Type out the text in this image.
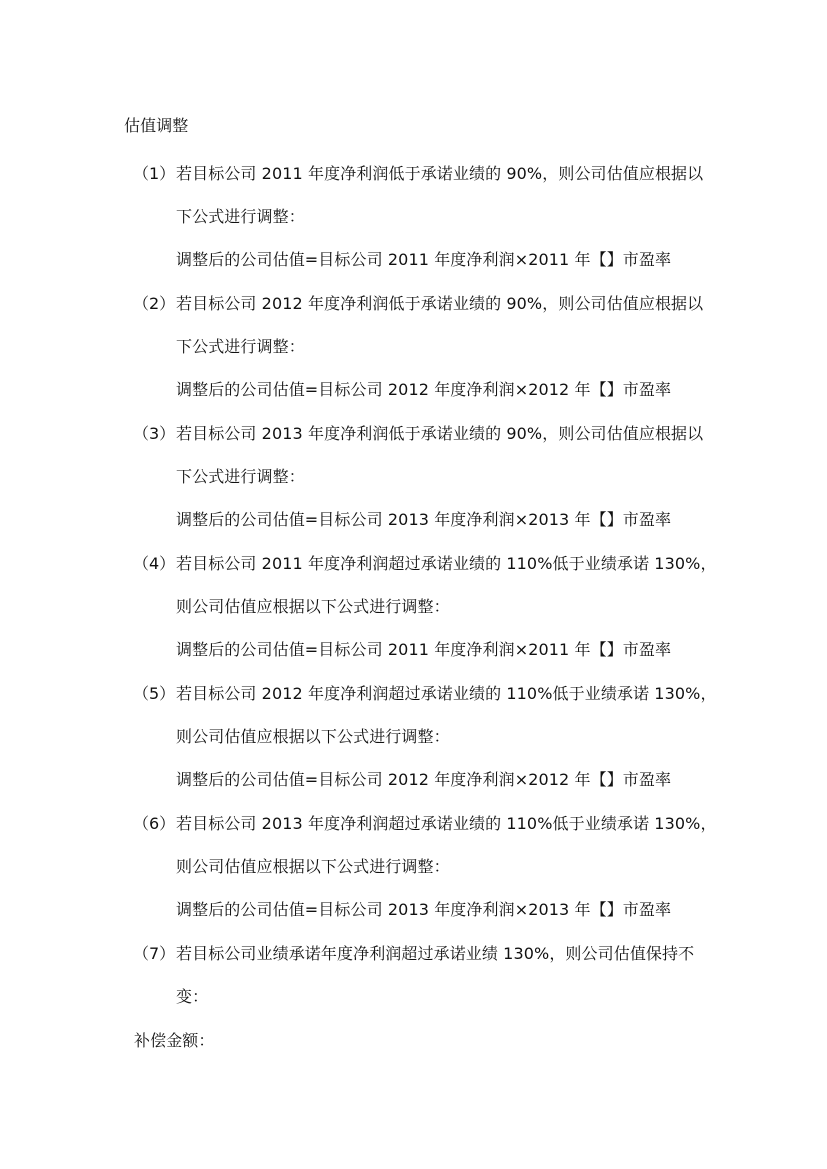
估值调整
（1） 若目标公司 2011 年度净利润低于承诺业绩的 90%，则公司估值应根据以
下公式进行调整：
调整后的公司估值=目标公司 2011 年度净利润×2011 年【】市盈率
（2） 若目标公司 2012 年度净利润低于承诺业绩的 90%，则公司估值应根据以
下公式进行调整：
调整后的公司估值=目标公司 2012 年度净利润×2012 年【】市盈率
（3） 若目标公司 2013 年度净利润低于承诺业绩的 90%，则公司估值应根据以
下公式进行调整：
调整后的公司估值=目标公司 2013 年度净利润×2013 年【】市盈率
（4） 若目标公司 2011 年度净利润超过承诺业绩的 110%低于业绩承诺 130%，
则公司估值应根据以下公式进行调整：
调整后的公司估值=目标公司 2011 年度净利润×2011 年【】市盈率
（5） 若目标公司 2012 年度净利润超过承诺业绩的 110%低于业绩承诺 130%，
则公司估值应根据以下公式进行调整：
调整后的公司估值=目标公司 2012 年度净利润×2012 年【】市盈率
（6） 若目标公司 2013 年度净利润超过承诺业绩的 110%低于业绩承诺 130%，
则公司估值应根据以下公式进行调整：
调整后的公司估值=目标公司 2013 年度净利润×2013 年【】市盈率
（7） 若目标公司业绩承诺年度净利润超过承诺业绩 130%，则公司估值保持不
变：
补偿金额：
